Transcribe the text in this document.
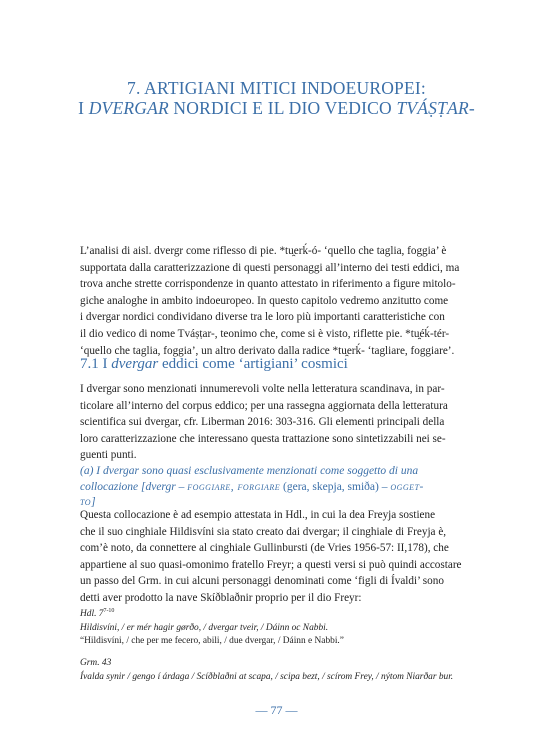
7. ARTIGIANI MITICI INDOEUROPEI:
I DVERGAR NORDICI E IL DIO VEDICO TVÁṢṬAR-

L’analisi di aisl. dvergr come riflesso di pie. *tu̯erḱ-ó- ‘quello che taglia, foggia’ è

supportata dalla caratterizzazione di questi personaggi all’interno dei testi eddici, ma

trova anche strette corrispondenze in quanto attestato in riferimento a figure mitolo-

giche analoghe in ambito indoeuropeo. In questo capitolo vedremo anzitutto come

i dvergar nordici condividano diverse tra le loro più importanti caratteristiche con

il dio vedico di nome Tváṣṭar-, teonimo che, come si è visto, riflette pie. *tu̯éḱ-tér-

‘quello che taglia, foggia’, un altro derivato dalla radice *tu̯erḱ- ‘tagliare, foggiare’.

7.1 I dvergar eddici come ‘artigiani’ cosmici

I dvergar sono menzionati innumerevoli volte nella letteratura scandinava, in par-

ticolare all’interno del corpus eddico; per una rassegna aggiornata della letteratura

scientifica sui dvergar, cfr. Liberman 2016: 303-316. Gli elementi principali della

loro caratterizzazione che interessano questa trattazione sono sintetizzabili nei se-

guenti punti.

(a) I dvergar sono quasi esclusivamente menzionati come soggetto di una
collocazione [dvergr – foggiare, forgiare (gera, skepja, smiða) – ogget-
to]

Questa collocazione è ad esempio attestata in Hdl., in cui la dea Freyja sostiene

che il suo cinghiale Hildisvíni sia stato creato dai dvergar; il cinghiale di Freyja è,

com’è noto, da connettere al cinghiale Gullinbursti (de Vries 1956-57: II,178), che

appartiene al suo quasi-omonimo fratello Freyr; a questi versi si può quindi accostare

un passo del Grm. in cui alcuni personaggi denominati come ‘figli di Ívaldi’ sono

detti aver prodotto la nave Skíðblaðnir proprio per il dio Freyr:

Hdl. 7$^{7-10}$
Hildisvíni, / er mér hagir gørðo, / dvergar tveir, / Dáinn oc Nabbi.
“Hildisvíni, / che per me fecero, abili, / due dvergar, / Dáinn e Nabbi.”
Grm. 43
Ívalda synir / gengo í árdaga / Scíðblaðni at scapa, / scipa bezt, / scírom Frey, / nýtom Niarðar bur.
— 77 —
